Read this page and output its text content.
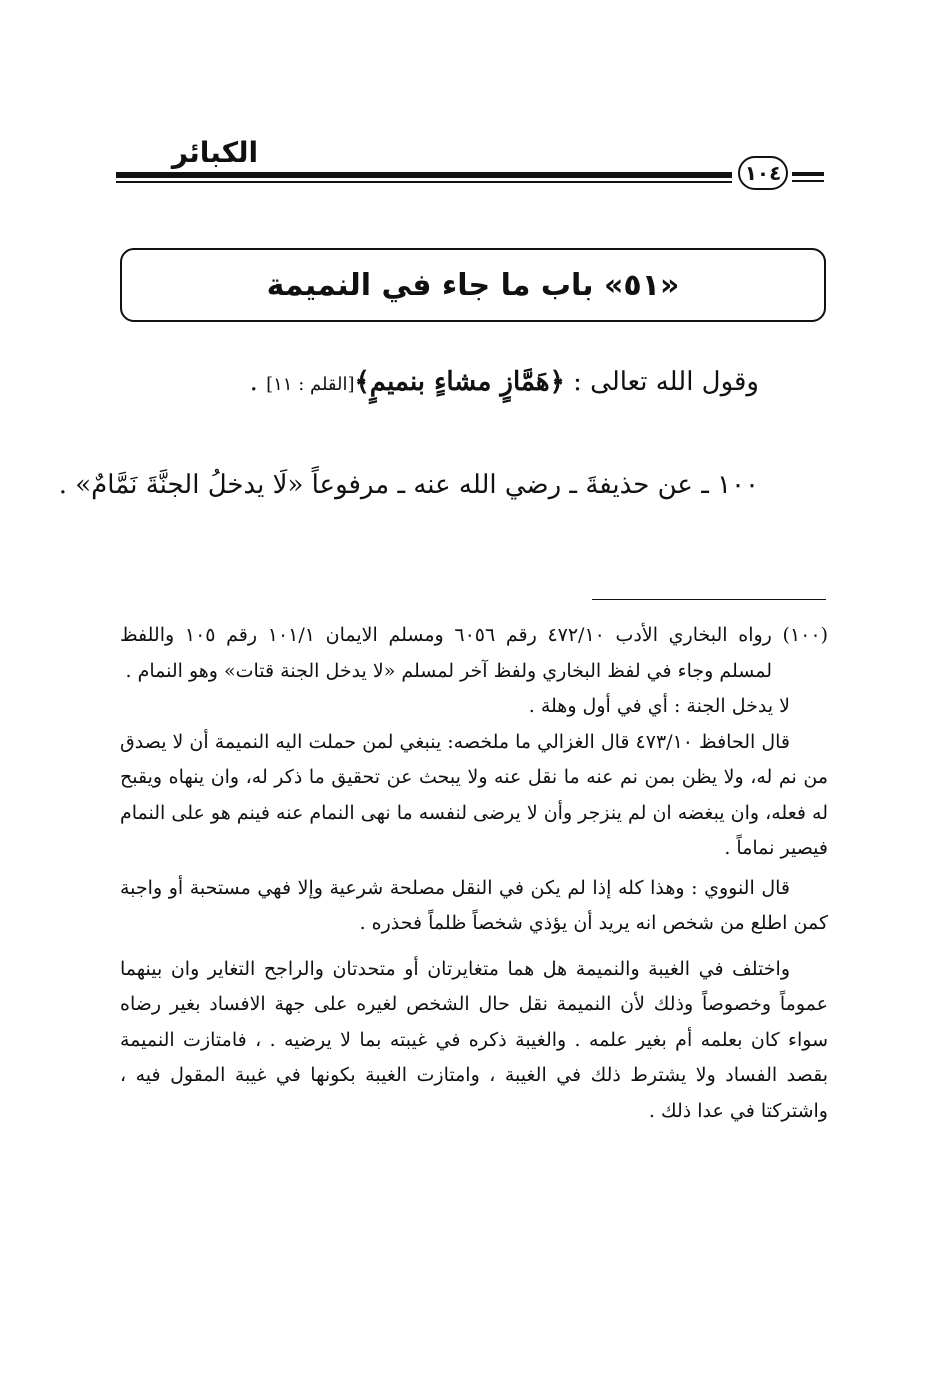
الكبائر
١٠٤
«٥١» باب ما جاء في النميمة
وقول الله تعالى : ﴿هَمَّازٍ مشاءٍ بنميمٍ﴾[القلم : ١١] .
١٠٠ ـ عن حذيفةَ ـ رضي الله عنه ـ مرفوعاً «لَا يدخلُ الجنَّةَ نَمَّامٌ» .

(١٠٠) رواه البخاري الأدب ٤٧٢/١٠ رقم ٦٠٥٦ ومسلم الايمان ١٠١/١ رقم ١٠٥ واللفظ لمسلم وجاء في لفظ البخاري ولفظ آخر لمسلم «لا يدخل الجنة قتات» وهو النمام .

لا يدخل الجنة : أي في أول وهلة .

قال الحافظ ٤٧٣/١٠ قال الغزالي ما ملخصه: ينبغي لمن حملت اليه النميمة أن لا يصدق من نم له، ولا يظن بمن نم عنه ما نقل عنه ولا يبحث عن تحقيق ما ذكر له، وان ينهاه ويقبح له فعله، وان يبغضه ان لم ينزجر وأن لا يرضى لنفسه ما نهى النمام عنه فينم هو على النمام فيصير نماماً .

قال النووي : وهذا كله إذا لم يكن في النقل مصلحة شرعية وإلا فهي مستحبة أو واجبة كمن اطلع من شخص انه يريد أن يؤذي شخصاً ظلماً فحذره .

واختلف في الغيبة والنميمة هل هما متغايرتان أو متحدتان والراجح التغاير وان بينهما عموماً وخصوصاً وذلك لأن النميمة نقل حال الشخص لغيره على جهة الافساد بغير رضاه سواء كان بعلمه أم بغير علمه . والغيبة ذكره في غيبته بما لا يرضيه . ، فامتازت النميمة بقصد الفساد ولا يشترط ذلك في الغيبة ، وامتازت الغيبة بكونها في غيبة المقول فيه ، واشتركتا في عدا ذلك .
